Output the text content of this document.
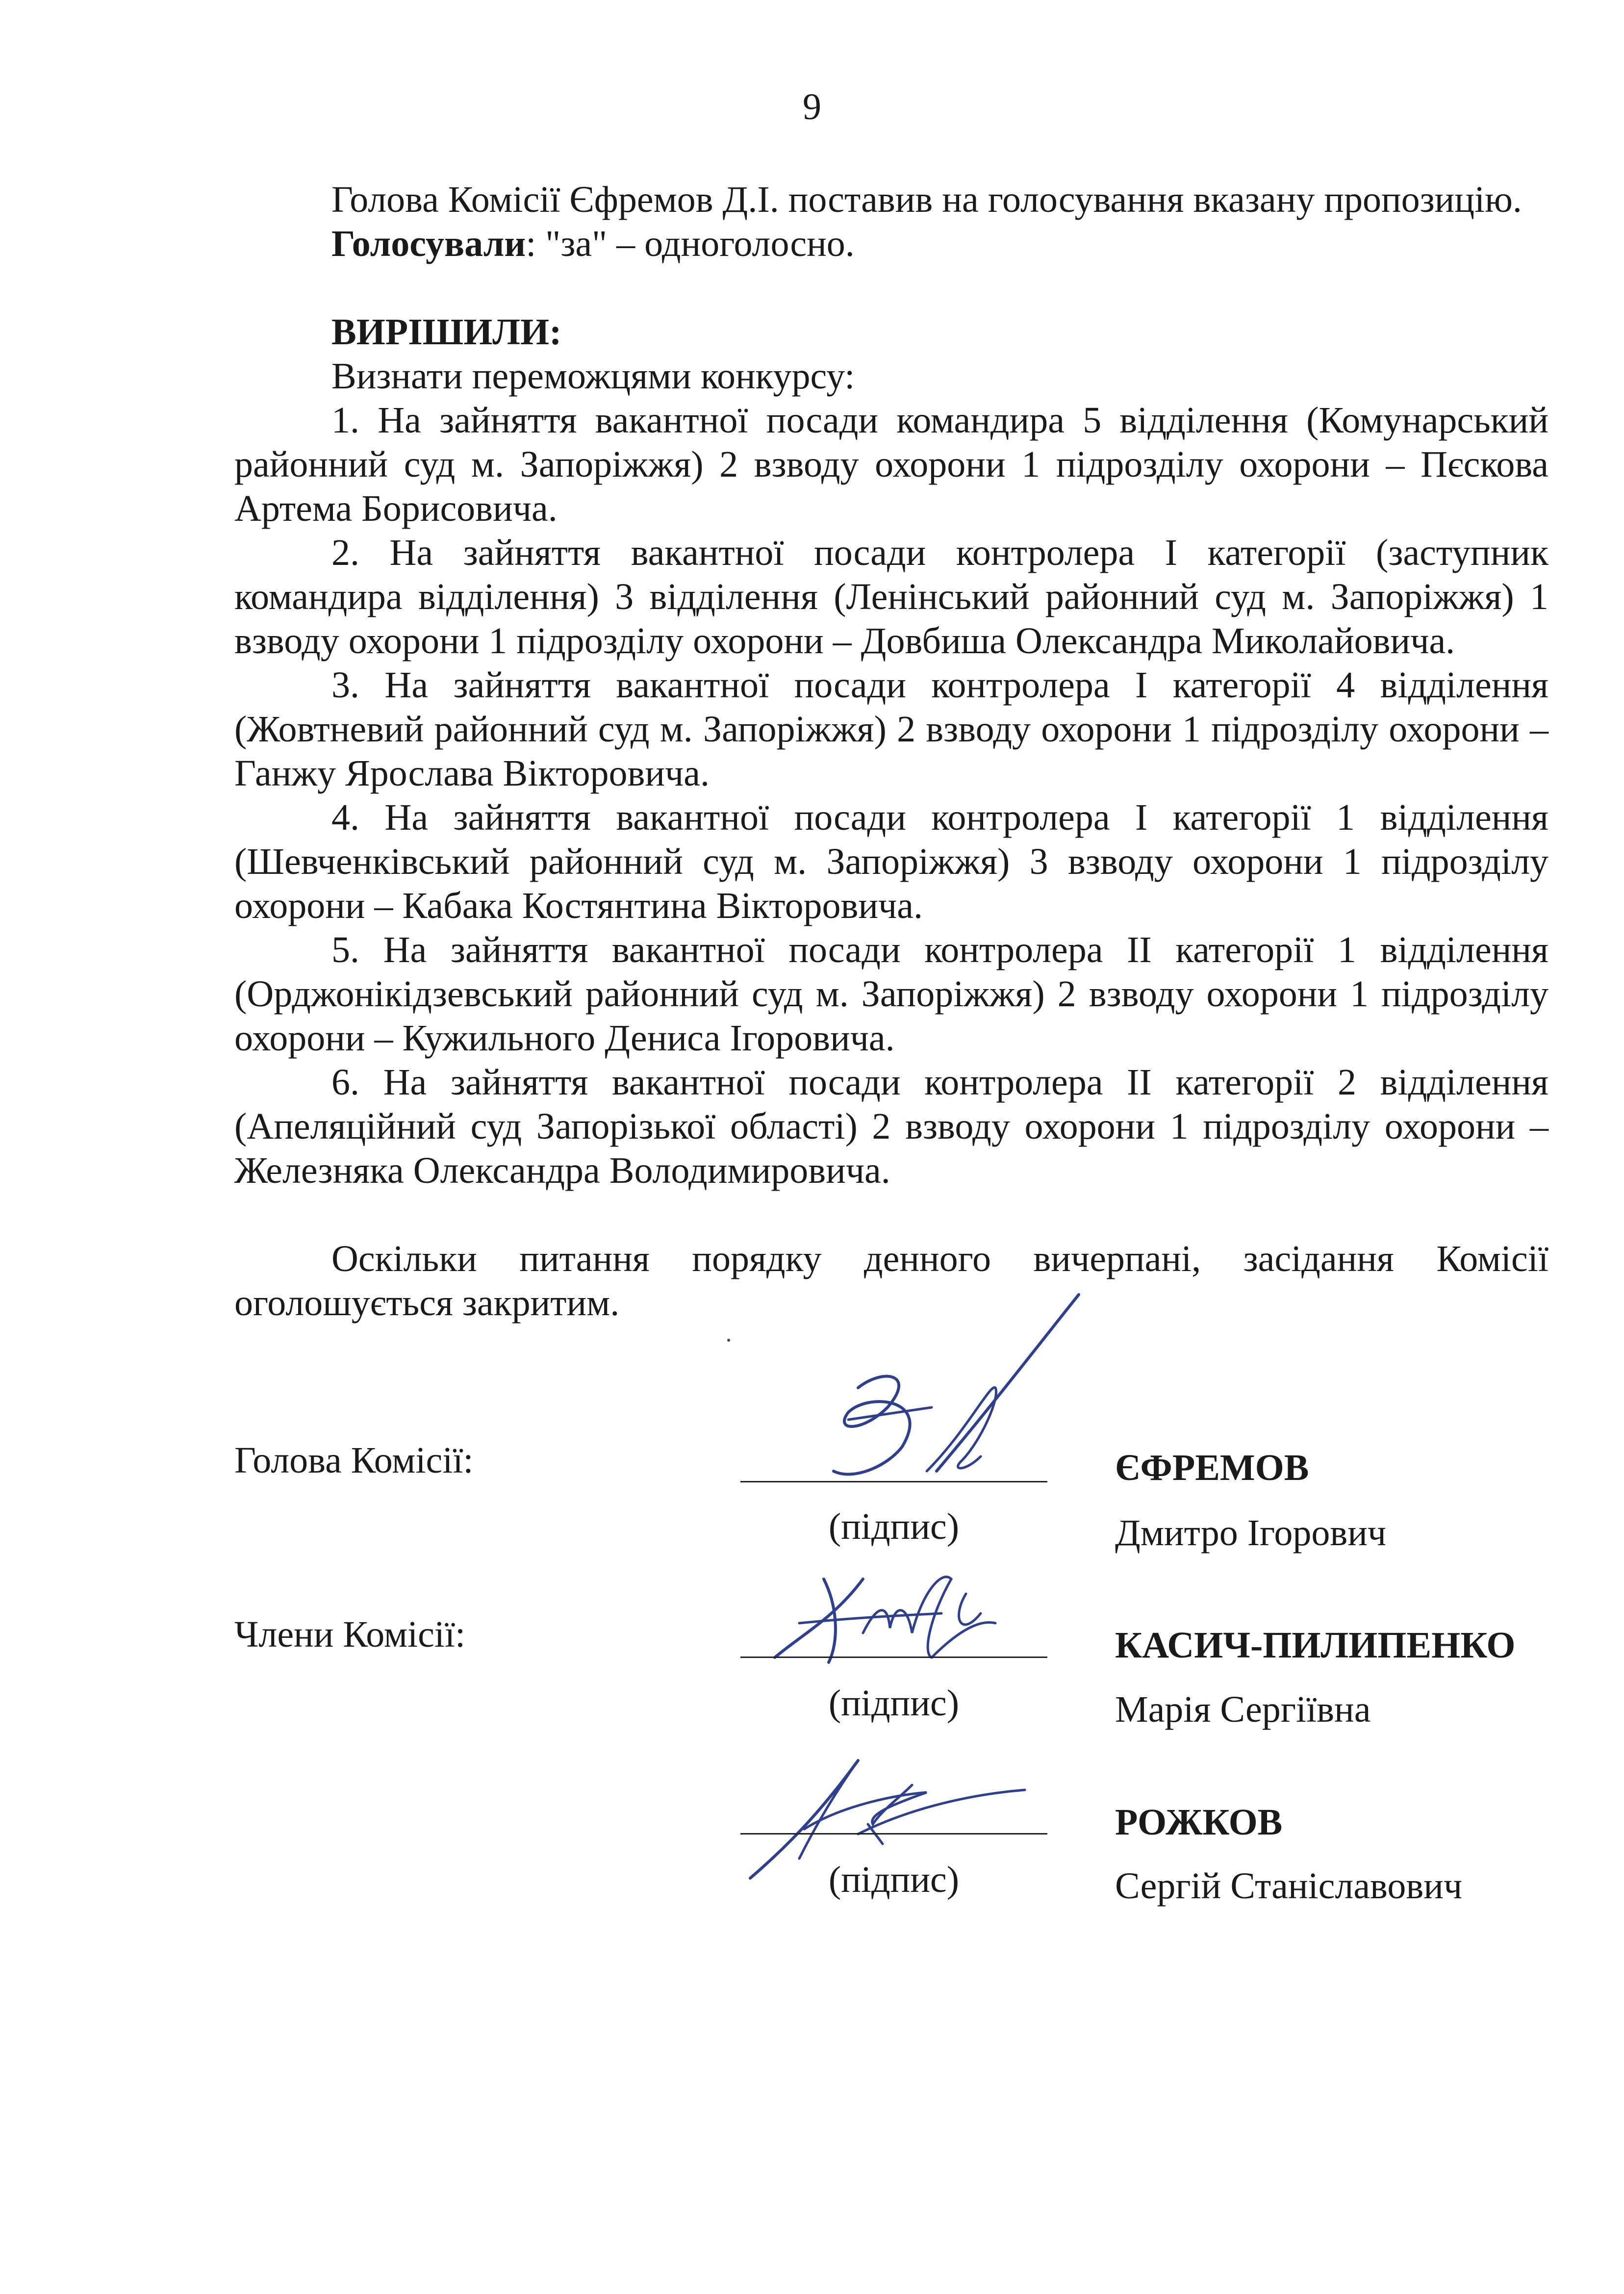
9

Голова Комісії Єфремов Д.І. поставив на голосування вказану пропозицію.

Голосували: "за" – одноголосно.

ВИРІШИЛИ:

Визнати переможцями конкурсу:

1. На зайняття вакантної посади командира 5 відділення (Комунарський районний суд м. Запоріжжя) 2 взводу охорони 1 підрозділу охорони – Пєскова Артема Борисовича.

2. На зайняття вакантної посади контролера I категорії (заступник командира відділення) 3 відділення (Ленінський районний суд м. Запоріжжя) 1 взводу охорони 1 підрозділу охорони – Довбиша Олександра Миколайовича.

3. На зайняття вакантної посади контролера I категорії 4 відділення (Жовтневий районний суд м. Запоріжжя) 2 взводу охорони 1 підрозділу охорони – Ганжу Ярослава Вікторовича.

4. На зайняття вакантної посади контролера I категорії 1 відділення (Шевченківський районний суд м. Запоріжжя) 3 взводу охорони 1 підрозділу охорони – Кабака Костянтина Вікторовича.

5. На зайняття вакантної посади контролера II категорії 1 відділення (Орджонікідзевський районний суд м. Запоріжжя) 2 взводу охорони 1 підрозділу охорони – Кужильного Дениса Ігоровича.

6. На зайняття вакантної посади контролера II категорії 2 відділення (Апеляційний суд Запорізької області) 2 взводу охорони 1 підрозділу охорони – Железняка Олександра Володимировича.

Оскільки питання порядку денного вичерпані, засідання Комісії оголошується закритим.

Голова Комісії:
(підпис)
ЄФРЕМОВ
Дмитро Ігорович
Члени Комісії:
(підпис)
КАСИЧ-ПИЛИПЕНКО
Марія Сергіївна
(підпис)
РОЖКОВ
Сергій Станіславович
